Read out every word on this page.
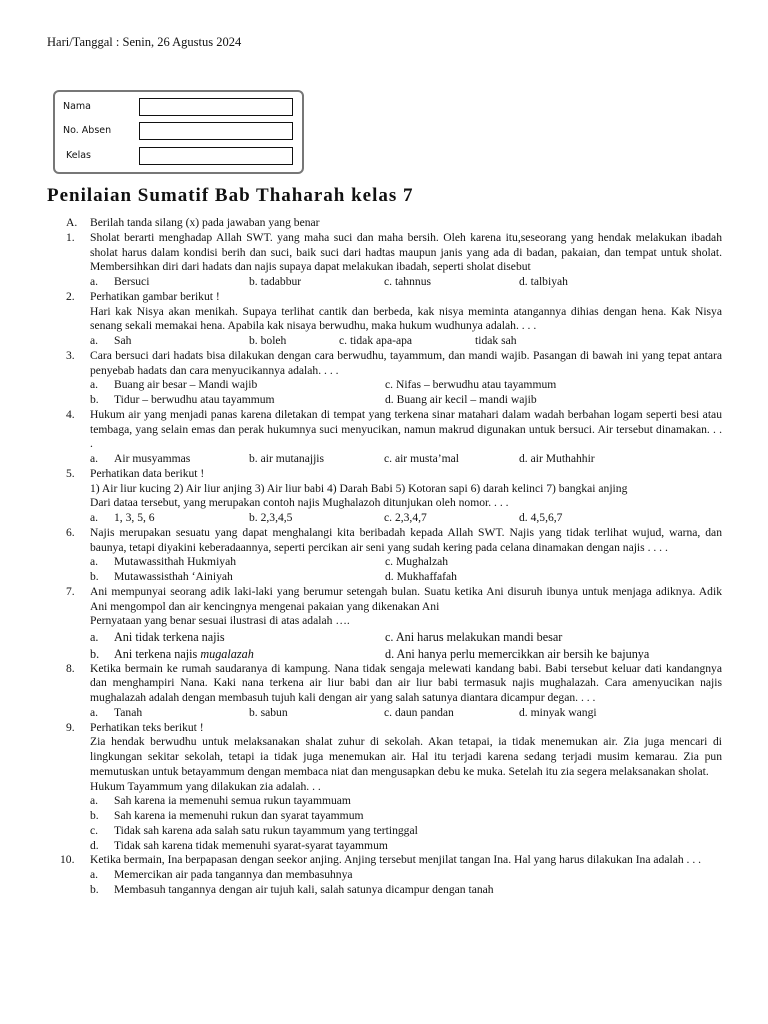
Hari/Tanggal : Senin, 26 Agustus 2024
Nama
No. Absen
Kelas
Penilaian Sumatif Bab Thaharah kelas 7
A. Berilah tanda silang (x) pada jawaban yang benar
1. Sholat berarti menghadap Allah SWT. yang maha suci dan maha bersih. Oleh karena itu,seseorang yang hendak melakukan ibadah sholat harus dalam kondisi berih dan suci, baik suci dari hadtas maupun janis yang ada di badan, pakaian, dan tempat untuk sholat. Membersihkan diri dari hadats dan najis supaya dapat melakukan ibadah, seperti sholat disebut
a. Bersuci	b. tadabbur	c. tahnnus	d. talbiyah
2. Perhatikan gambar berikut !
Hari kak Nisya akan menikah. Supaya terlihat cantik dan berbeda, kak nisya meminta atangannya dihias dengan hena. Kak Nisya senang sekali memakai hena. Apabila kak nisaya berwudhu, maka hukum wudhunya adalah. . . .
a. Sah	b. boleh	c. tidak apa-apa	tidak sah
3. Cara bersuci dari hadats bisa dilakukan dengan cara berwudhu, tayammum, dan mandi wajib. Pasangan di bawah ini yang tepat antara penyebab hadats dan cara menyucikannya adalah. . . .
a. Buang air besar – Mandi wajib	c. Nifas – berwudhu atau tayammum
b. Tidur – berwudhu atau tayammum	d. Buang air kecil – mandi wajib
4. Hukum air yang menjadi panas karena diletakan di tempat yang terkena sinar matahari dalam wadah berbahan logam seperti besi atau tembaga, yang selain emas dan perak hukumnya suci menyucikan, namun makrud digunakan untuk bersuci. Air tersebut dinamakan. . . .
a. Air musyammas	b. air mutanajjis	c. air musta’mal	d. air Muthahhir
5. Perhatikan data berikut !
1) Air liur kucing 2) Air liur anjing 3) Air liur babi 4) Darah Babi 5) Kotoran sapi 6) darah kelinci 7) bangkai anjing
Dari dataa tersebut, yang merupakan contoh najis Mughalazoh ditunjukan oleh nomor. . . .
a. 1, 3, 5, 6	b. 2,3,4,5	c. 2,3,4,7	d. 4,5,6,7
6. Najis merupakan sesuatu yang dapat menghalangi kita beribadah kepada Allah SWT. Najis yang tidak terlihat wujud, warna, dan baunya, tetapi diyakini keberadaannya, seperti percikan air seni yang sudah kering pada celana dinamakan dengan najis . . . .
a. Mutawassithah Hukmiyah	c. Mughalzah
b. Mutawassisthah ‘Ainiyah	d. Mukhaffafah
7. Ani mempunyai seorang adik laki-laki yang berumur setengah bulan. Suatu ketika Ani disuruh ibunya untuk menjaga adiknya. Adik Ani mengompol dan air kencingnya mengenai pakaian yang dikenakan Ani
Pernyataan yang benar sesuai ilustrasi di atas adalah ….
a. Ani tidak terkena najis	c. Ani harus melakukan mandi besar
b. Ani terkena najis mugalazah	d. Ani hanya perlu memercikkan air bersih ke bajunya
8. Ketika bermain ke rumah saudaranya di kampung. Nana tidak sengaja melewati kandang babi. Babi tersebut keluar dati kandangnya dan menghampiri Nana. Kaki nana terkena air liur babi dan air liur babi termasuk najis mughalazah. Cara amenyucikan najis mughalazah adalah dengan membasuh tujuh kali dengan air yang salah satunya diantara dicampur degan. . . .
a. Tanah	b. sabun	c. daun pandan	d. minyak wangi
9. Perhatikan teks berikut !
Zia hendak berwudhu untuk melaksanakan shalat zuhur di sekolah. Akan tetapai, ia tidak menemukan air. Zia juga mencari di lingkungan sekitar sekolah, tetapi ia tidak juga menemukan air. Hal itu terjadi karena sedang terjadi musim kemarau. Zia pun memutuskan untuk betayammum dengan membaca niat dan mengusapkan debu ke muka. Setelah itu zia segera melaksanakan sholat.
Hukum Tayammum yang dilakukan zia adalah. . .
a. Sah karena ia memenuhi semua rukun tayammuam
b. Sah karena ia memenuhi rukun dan syarat tayammum
c. Tidak sah karena ada salah satu rukun tayammum yang tertinggal
d. Tidak sah karena tidak memenuhi syarat-syarat tayammum
10. Ketika bermain, Ina berpapasan dengan seekor anjing. Anjing tersebut menjilat tangan Ina. Hal yang harus dilakukan Ina adalah . . .
a. Memercikan air pada tangannya dan membasuhnya
b. Membasuh tangannya dengan air tujuh kali, salah satunya dicampur dengan tanah
